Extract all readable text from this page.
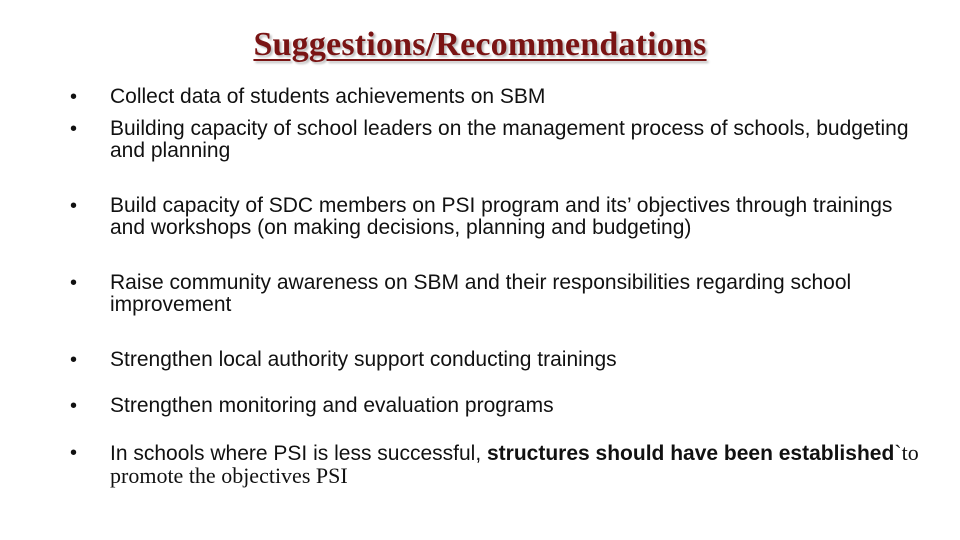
Suggestions/Recommendations
• Collect data of students achievements on SBM
• Building capacity of school leaders on the management process of schools, budgeting and planning
• Build capacity of SDC members on PSI program and its’ objectives through trainings and workshops (on making decisions, planning and budgeting)
• Raise community awareness on SBM and their responsibilities regarding school improvement
• Strengthen local authority support conducting trainings
• Strengthen monitoring and evaluation programs
• In schools where PSI is less successful, structures should have been established`to promote the objectives PSI
